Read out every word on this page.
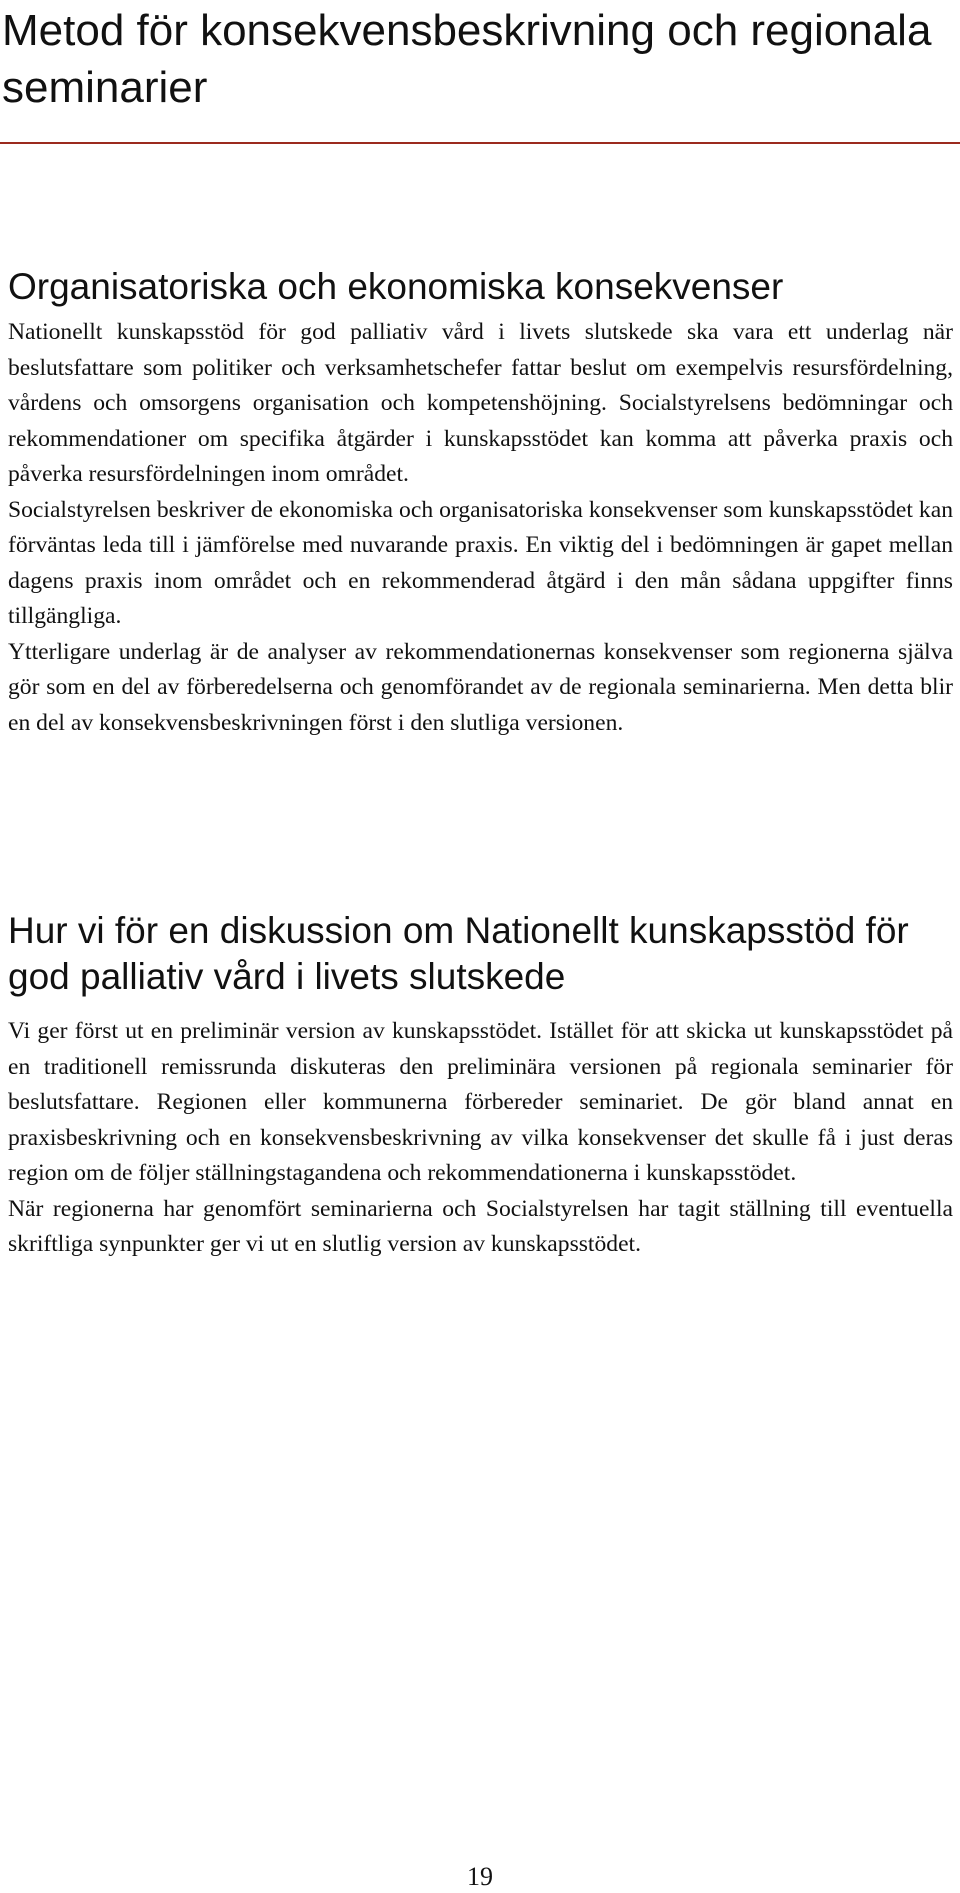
Metod för konsekvensbeskrivning och regionala seminarier
Organisatoriska och ekonomiska konsekvenser

Nationellt kunskapsstöd för god palliativ vård i livets slutskede ska vara ett underlag när beslutsfattare som politiker och verksamhetschefer fattar beslut om exempelvis resursfördelning, vårdens och omsorgens organisation och kompetenshöjning. Socialstyrelsens bedömningar och rekommendationer om specifika åtgärder i kunskapsstödet kan komma att påverka praxis och påverka resursfördelningen inom området.

Socialstyrelsen beskriver de ekonomiska och organisatoriska konsekvenser som kunskapsstödet kan förväntas leda till i jämförelse med nuvarande praxis. En viktig del i bedömningen är gapet mellan dagens praxis inom området och en rekommenderad åtgärd i den mån sådana uppgifter finns tillgängliga.

Ytterligare underlag är de analyser av rekommendationernas konsekvenser som regionerna själva gör som en del av förberedelserna och genomförandet av de regionala seminarierna. Men detta blir en del av konsekvensbeskrivningen först i den slutliga versionen.

Hur vi för en diskussion om Nationellt kunskapsstöd för god palliativ vård i livets slutskede

Vi ger först ut en preliminär version av kunskapsstödet. Istället för att skicka ut kunskapsstödet på en traditionell remissrunda diskuteras den preliminära versionen på regionala seminarier för beslutsfattare. Regionen eller kommunerna förbereder seminariet. De gör bland annat en praxisbeskrivning och en konsekvensbeskrivning av vilka konsekvenser det skulle få i just deras region om de följer ställningstagandena och rekommendationerna i kunskapsstödet.

När regionerna har genomfört seminarierna och Socialstyrelsen har tagit ställning till eventuella skriftliga synpunkter ger vi ut en slutlig version av kunskapsstödet.

19
